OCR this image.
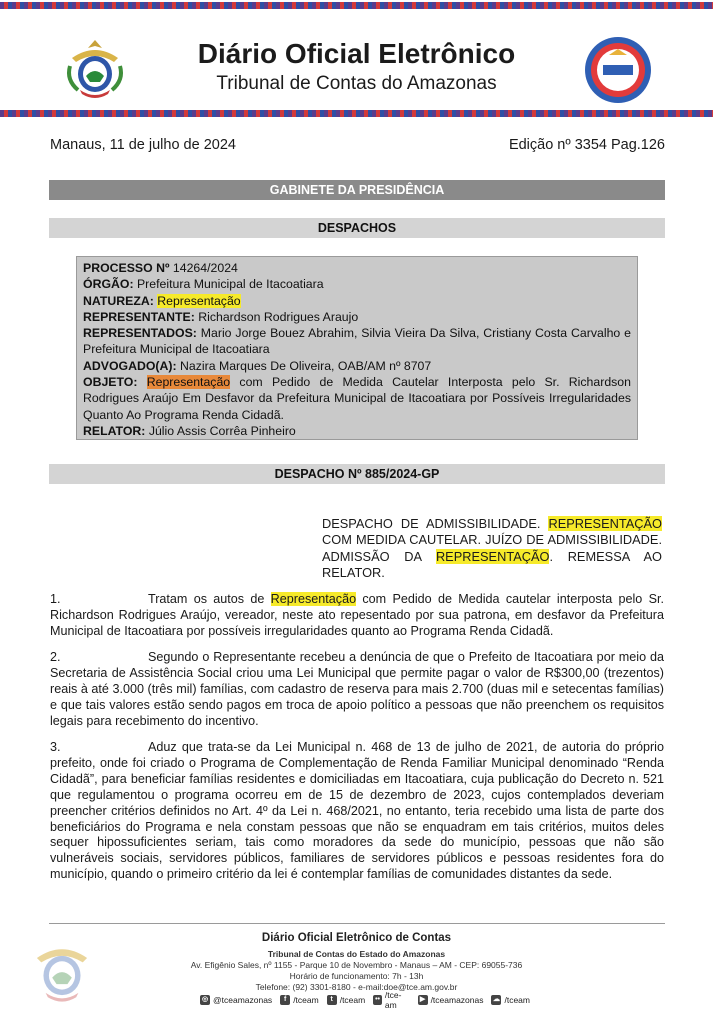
Diário Oficial Eletrônico
Tribunal de Contas do Amazonas
Manaus, 11 de julho de 2024	Edição nº 3354 Pag.126
GABINETE DA PRESIDÊNCIA
DESPACHOS

PROCESSO Nº 14264/2024

ÓRGÃO: Prefeitura Municipal de Itacoatiara

NATUREZA: Representação

REPRESENTANTE: Richardson Rodrigues Araujo

REPRESENTADOS: Mario Jorge Bouez Abrahim, Silvia Vieira Da Silva, Cristiany Costa Carvalho e Prefeitura Municipal de Itacoatiara

ADVOGADO(A): Nazira Marques De Oliveira, OAB/AM nº 8707

OBJETO: Representação com Pedido de Medida Cautelar Interposta pelo Sr. Richardson Rodrigues Araújo Em Desfavor da Prefeitura Municipal de Itacoatiara por Possíveis Irregularidades Quanto Ao Programa Renda Cidadã.

RELATOR: Júlio Assis Corrêa Pinheiro

DESPACHO Nº 885/2024-GP
DESPACHO DE ADMISSIBILIDADE. REPRESENTAÇÃO COM MEDIDA CAUTELAR. JUÍZO DE ADMISSIBILIDADE. ADMISSÃO DA REPRESENTAÇÃO. REMESSA AO RELATOR.

1.	Tratam os autos de Representação com Pedido de Medida cautelar interposta pelo Sr. Richardson Rodrigues Araújo, vereador, neste ato repesentado por sua patrona, em desfavor da Prefeitura Municipal de Itacoatiara por possíveis irregularidades quanto ao Programa Renda Cidadã.

2.	Segundo o Representante recebeu a denúncia de que o Prefeito de Itacoatiara por meio da Secretaria de Assistência Social criou uma Lei Municipal que permite pagar o valor de R$300,00 (trezentos) reais à até 3.000 (três mil) famílias, com cadastro de reserva para mais 2.700 (duas mil e setecentas famílias) e que tais valores estão sendo pagos em troca de apoio político a pessoas que não preenchem os requisitos legais para recebimento do incentivo.

3.	Aduz que trata-se da Lei Municipal n. 468 de 13 de julho de 2021, de autoria do próprio prefeito, onde foi criado o Programa de Complementação de Renda Familiar Municipal denominado “Renda Cidadã”, para beneficiar famílias residentes e domiciliadas em Itacoatiara, cuja publicação do Decreto n. 521 que regulamentou o programa ocorreu em de 15 de dezembro de 2023, cujos contemplados deveriam preencher critérios definidos no Art. 4º da Lei n. 468/2021, no entanto, teria recebido uma lista de parte dos beneficiários do Programa e nela constam pessoas que não se enquadram em tais critérios, muitos deles sequer hipossuficientes seriam, tais como moradores da sede do município, pessoas que não são vulneráveis sociais, servidores públicos, familiares de servidores públicos e pessoas residentes fora do município, quando o primeiro critério da lei é contemplar famílias de comunidades distantes da sede.

Diário Oficial Eletrônico de Contas
Tribunal de Contas do Estado do Amazonas
Av. Efigênio Sales, nº 1155 - Parque 10 de Novembro - Manaus – AM - CEP: 69055-736
Horário de funcionamento: 7h - 13h
Telefone: (92) 3301-8180 - e-mail:doe@tce.am.gov.br
◎ @tceamazonas	f /tceam	t /tceam •• /tce-am
▶ /tceamazonas ☁ /tceam
